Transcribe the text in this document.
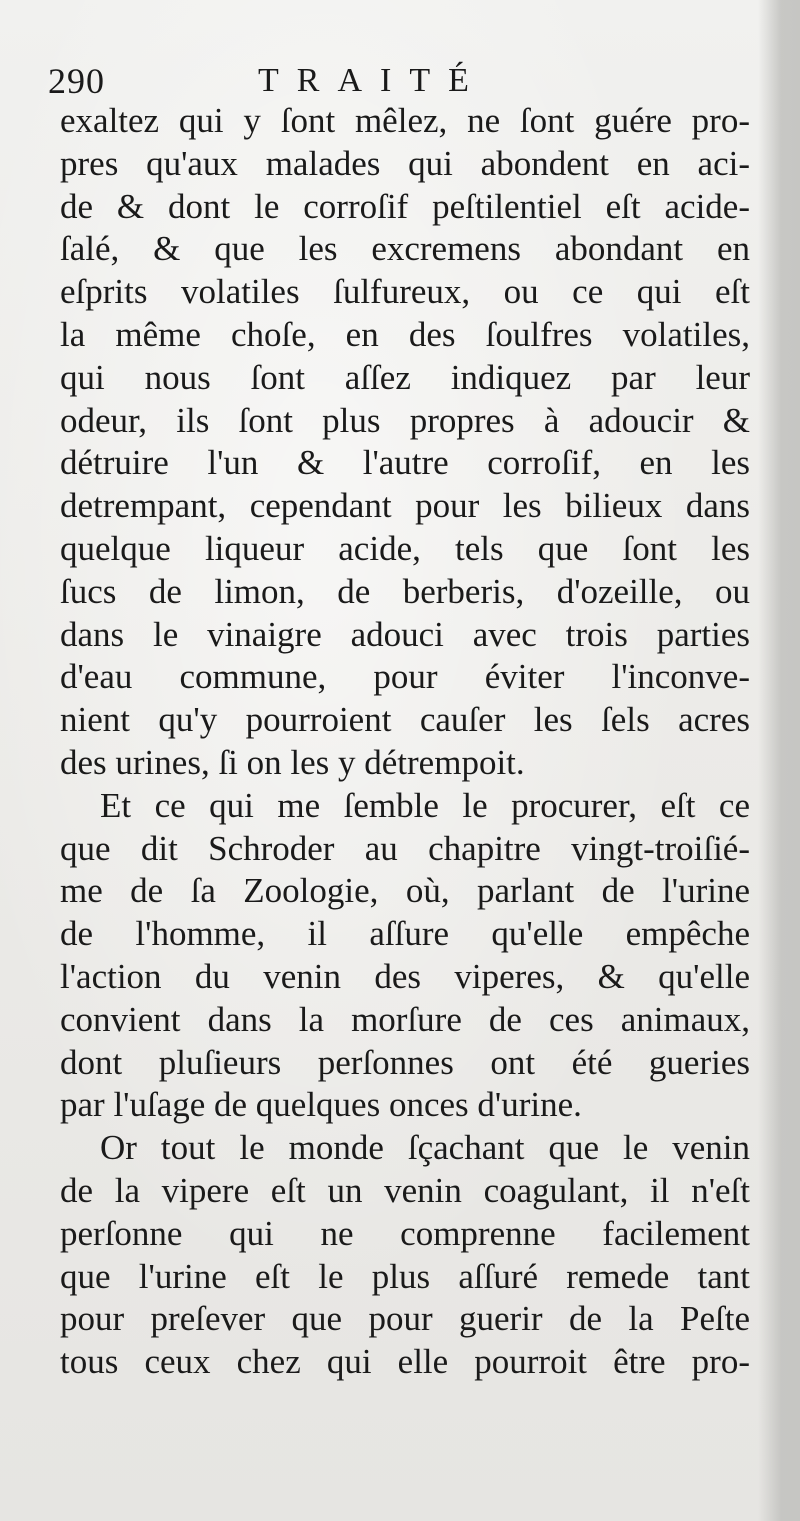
290	TRAITÉ
exaltez qui y ſont mêlez, ne ſont guére pro-
pres qu'aux malades qui abondent en aci-
de & dont le corroſif peſtilentiel eſt acide-
ſalé, & que les excremens abondant en
eſprits volatiles ſulfureux, ou ce qui eſt
la même choſe, en des ſoulfres volatiles,
qui nous ſont aſſez indiquez par leur
odeur, ils ſont plus propres à adoucir &
détruire l'un & l'autre corroſif, en les
detrempant, cependant pour les bilieux dans
quelque liqueur acide, tels que ſont les
ſucs de limon, de berberis, d'ozeille, ou
dans le vinaigre adouci avec trois parties
d'eau commune, pour éviter l'inconve-
nient qu'y pourroient cauſer les ſels acres
des urines, ſi on les y détrempoit.
Et ce qui me ſemble le procurer, eſt ce
que dit Schroder au chapitre vingt-troiſié-
me de ſa Zoologie, où, parlant de l'urine
de l'homme, il aſſure qu'elle empêche
l'action du venin des viperes, & qu'elle
convient dans la morſure de ces animaux,
dont pluſieurs perſonnes ont été gueries
par l'uſage de quelques onces d'urine.
Or tout le monde ſçachant que le venin
de la vipere eſt un venin coagulant, il n'eſt
perſonne qui ne comprenne facilement
que l'urine eſt le plus aſſuré remede tant
pour preſever que pour guerir de la Peſte
tous ceux chez qui elle pourroit être pro-
